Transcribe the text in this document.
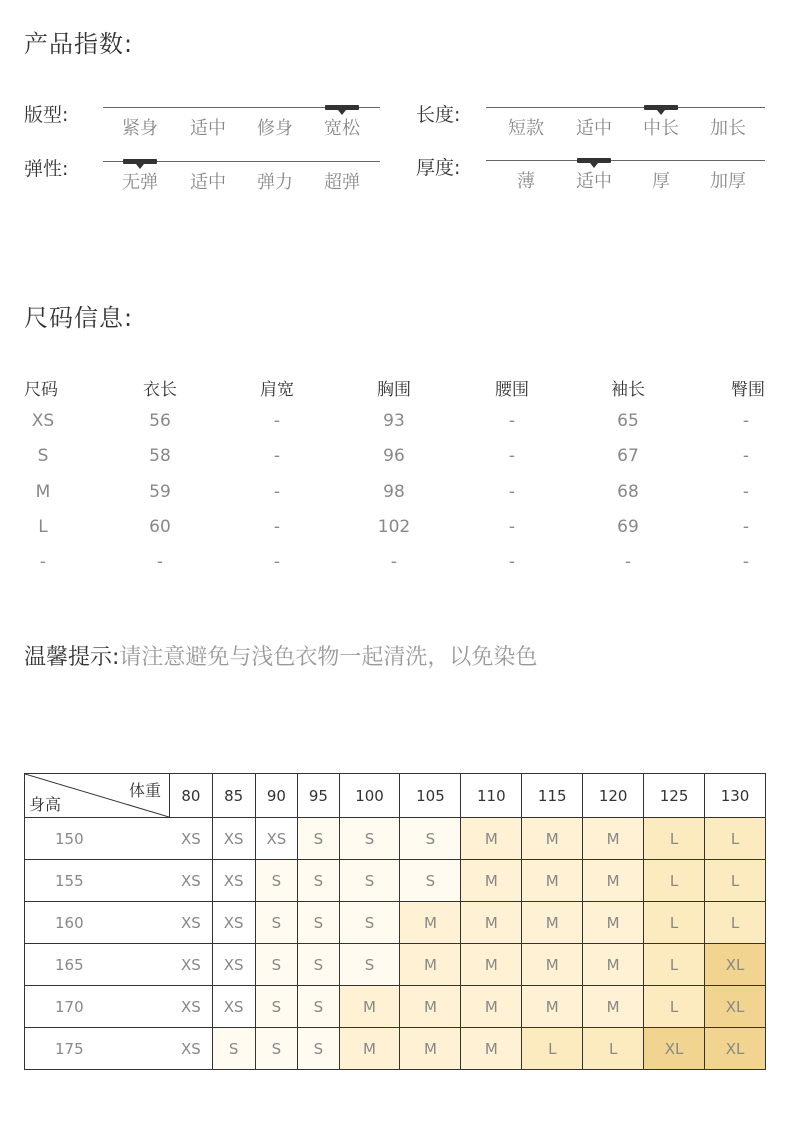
产品指数:
版型:
紧身	适中	修身	宽松
长度:
短款	适中	中长	加长
弹性:
无弹	适中	弹力	超弹
厚度:
薄	适中	厚	加厚
尺码信息:
尺码	衣长	肩宽	胸围	腰围	袖长	臀围
XS	56	-	93	-	65	-
S	58	-	96	-	67	-
M	59	-	98	-	68	-
L	60	-	102	-	69	-
-	-	-	-	-	-	-
温馨提示:请注意避免与浅色衣物一起清洗，以免染色
体重
身高	80	85	90	95	100	105	110	115	120	125	130
150	XS	XS	XS	S	S	S	M	M	M	L	L
155	XS	XS	S	S	S	S	M	M	M	L	L
160	XS	XS	S	S	S	M	M	M	M	L	L
165	XS	XS	S	S	S	M	M	M	M	L	XL
170	XS	XS	S	S	M	M	M	M	M	L	XL
175	XS	S	S	S	M	M	M	L	L	XL	XL
